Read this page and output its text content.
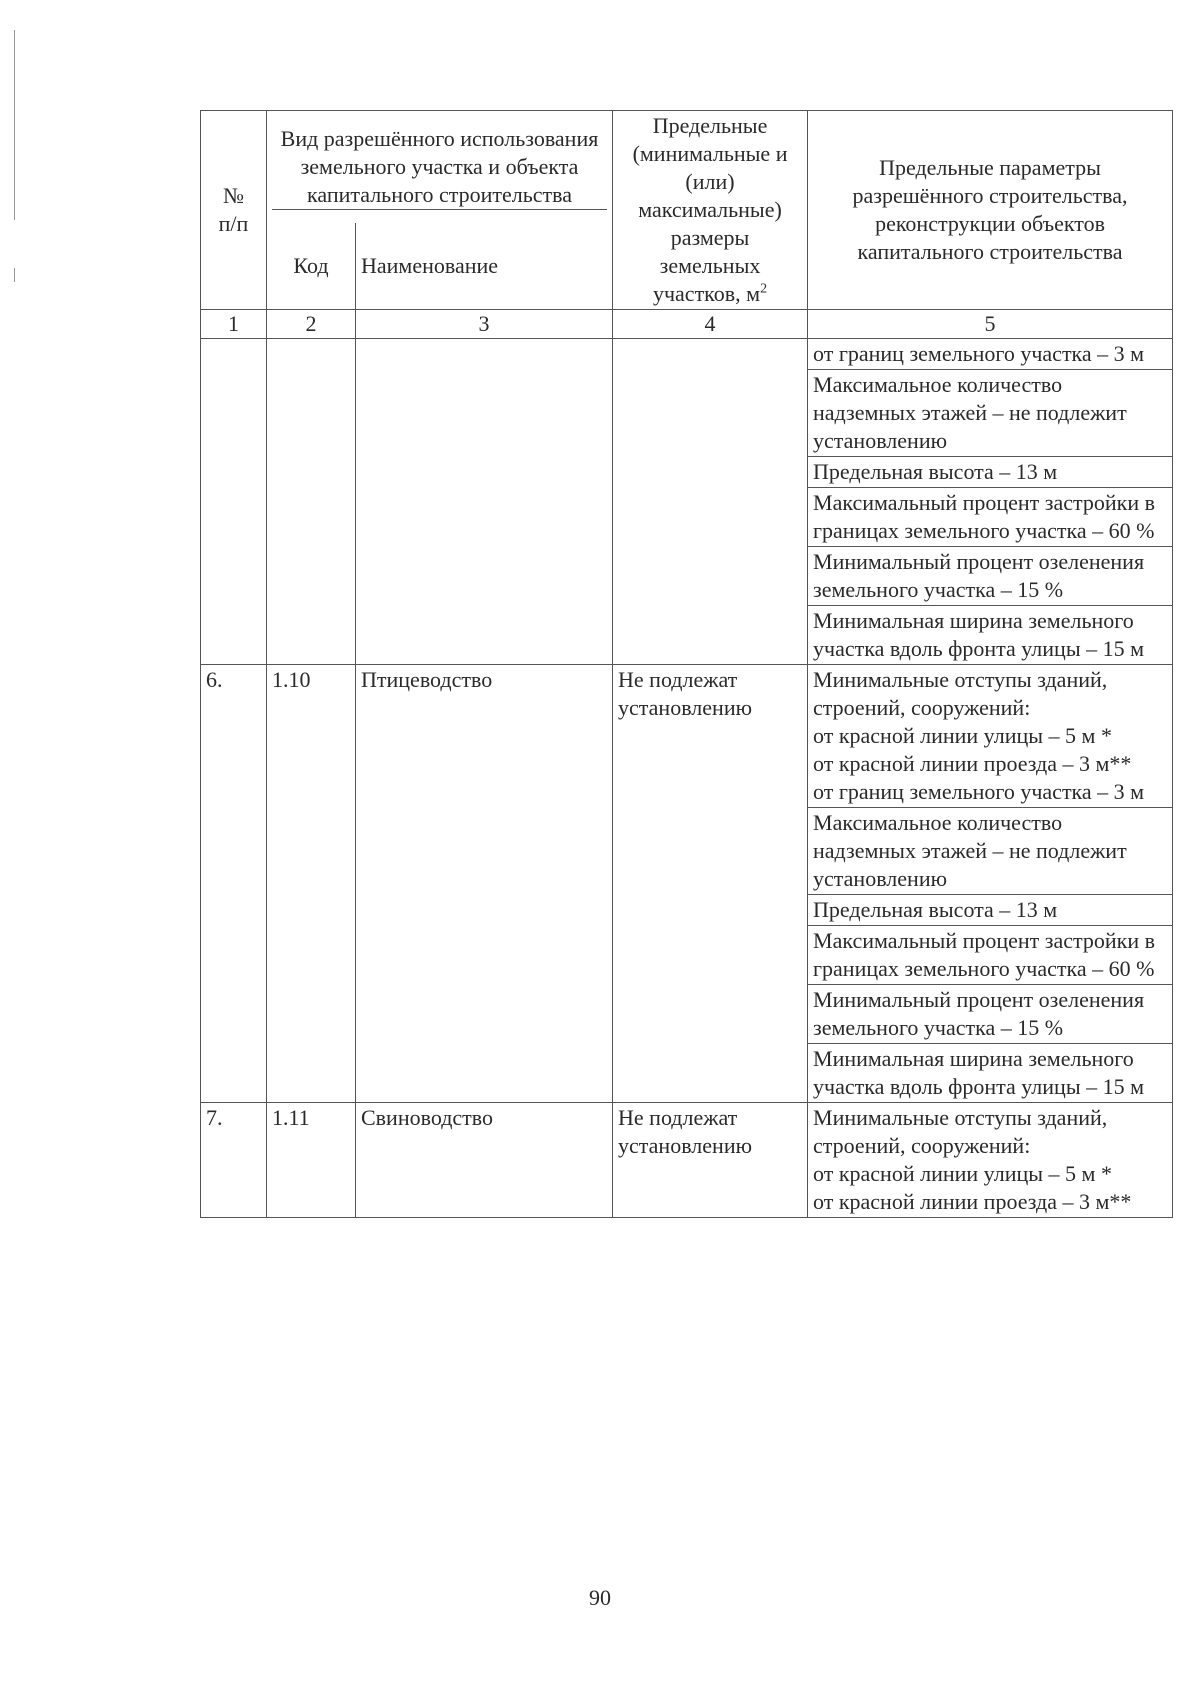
№ п/п	Вид разрешённого использования земельного участка и объекта капитального строительства		Предельные (минимальные и (или) максимальные) размеры земельных участков, $м^2$	Предельные параметры разрешённого строительства, реконструкции объектов капитального строительства
	Код	Наименование		
1	2	3	4	5
				от границ земельного участка – 3 м
				Максимальное количество надземных этажей – не подлежит установлению
				Предельная высота – 13 м
				Максимальный процент застройки в границах земельного участка – 60 %
				Минимальный процент озеленения земельного участка – 15 %
				Минимальная ширина земельного участка вдоль фронта улицы – 15 м
6.	1.10	Птицеводство	Не подлежат установлению	Минимальные отступы зданий, строений, сооружений:
от красной линии улицы – 5 м *
от красной линии проезда – 3 м**
от границ земельного участка – 3 м

				Максимальное количество надземных этажей – не подлежит установлению
				Предельная высота – 13 м
				Максимальный процент застройки в границах земельного участка – 60 %
				Минимальный процент озеленения земельного участка – 15 %
				Минимальная ширина земельного участка вдоль фронта улицы – 15 м
7.	1.11	Свиноводство	Не подлежат установлению	Минимальные отступы зданий, строений, сооружений:
от красной линии улицы – 5 м *
от красной линии проезда – 3 м**
90
